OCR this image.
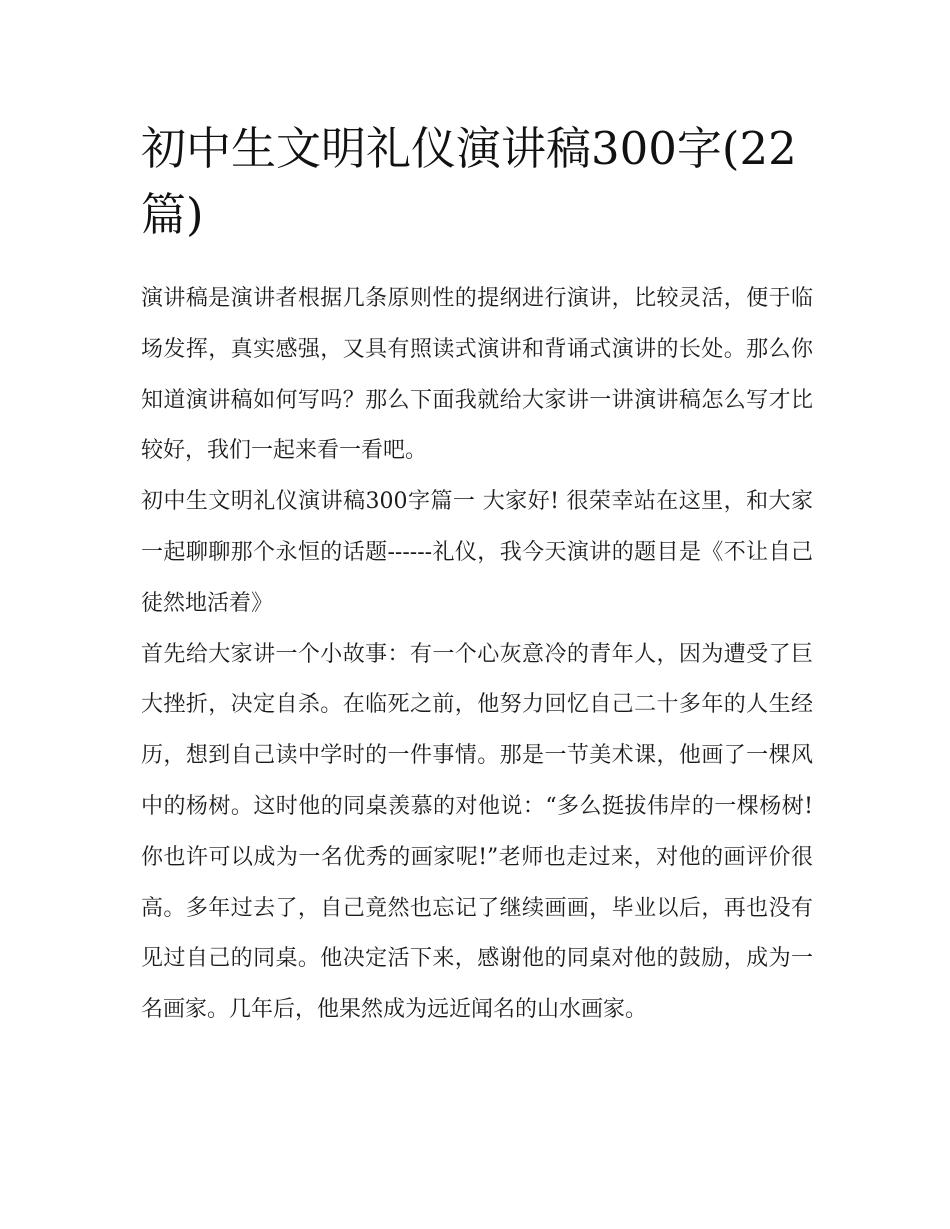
初中生文明礼仪演讲稿300字(22篇)

演讲稿是演讲者根据几条原则性的提纲进行演讲，比较灵活，便于临场发挥，真实感强，又具有照读式演讲和背诵式演讲的长处。那么你知道演讲稿如何写吗？那么下面我就给大家讲一讲演讲稿怎么写才比较好，我们一起来看一看吧。

初中生文明礼仪演讲稿300字篇一 大家好! 很荣幸站在这里，和大家一起聊聊那个永恒的话题------礼仪，我今天演讲的题目是《不让自己徒然地活着》

首先给大家讲一个小故事：有一个心灰意冷的青年人，因为遭受了巨大挫折，决定自杀。在临死之前，他努力回忆自己二十多年的人生经历，想到自己读中学时的一件事情。那是一节美术课，他画了一棵风中的杨树。这时他的同桌羡慕的对他说：“多么挺拔伟岸的一棵杨树!你也许可以成为一名优秀的画家呢!”老师也走过来，对他的画评价很高。多年过去了，自己竟然也忘记了继续画画，毕业以后，再也没有见过自己的同桌。他决定活下来，感谢他的同桌对他的鼓励，成为一名画家。几年后，他果然成为远近闻名的山水画家。
